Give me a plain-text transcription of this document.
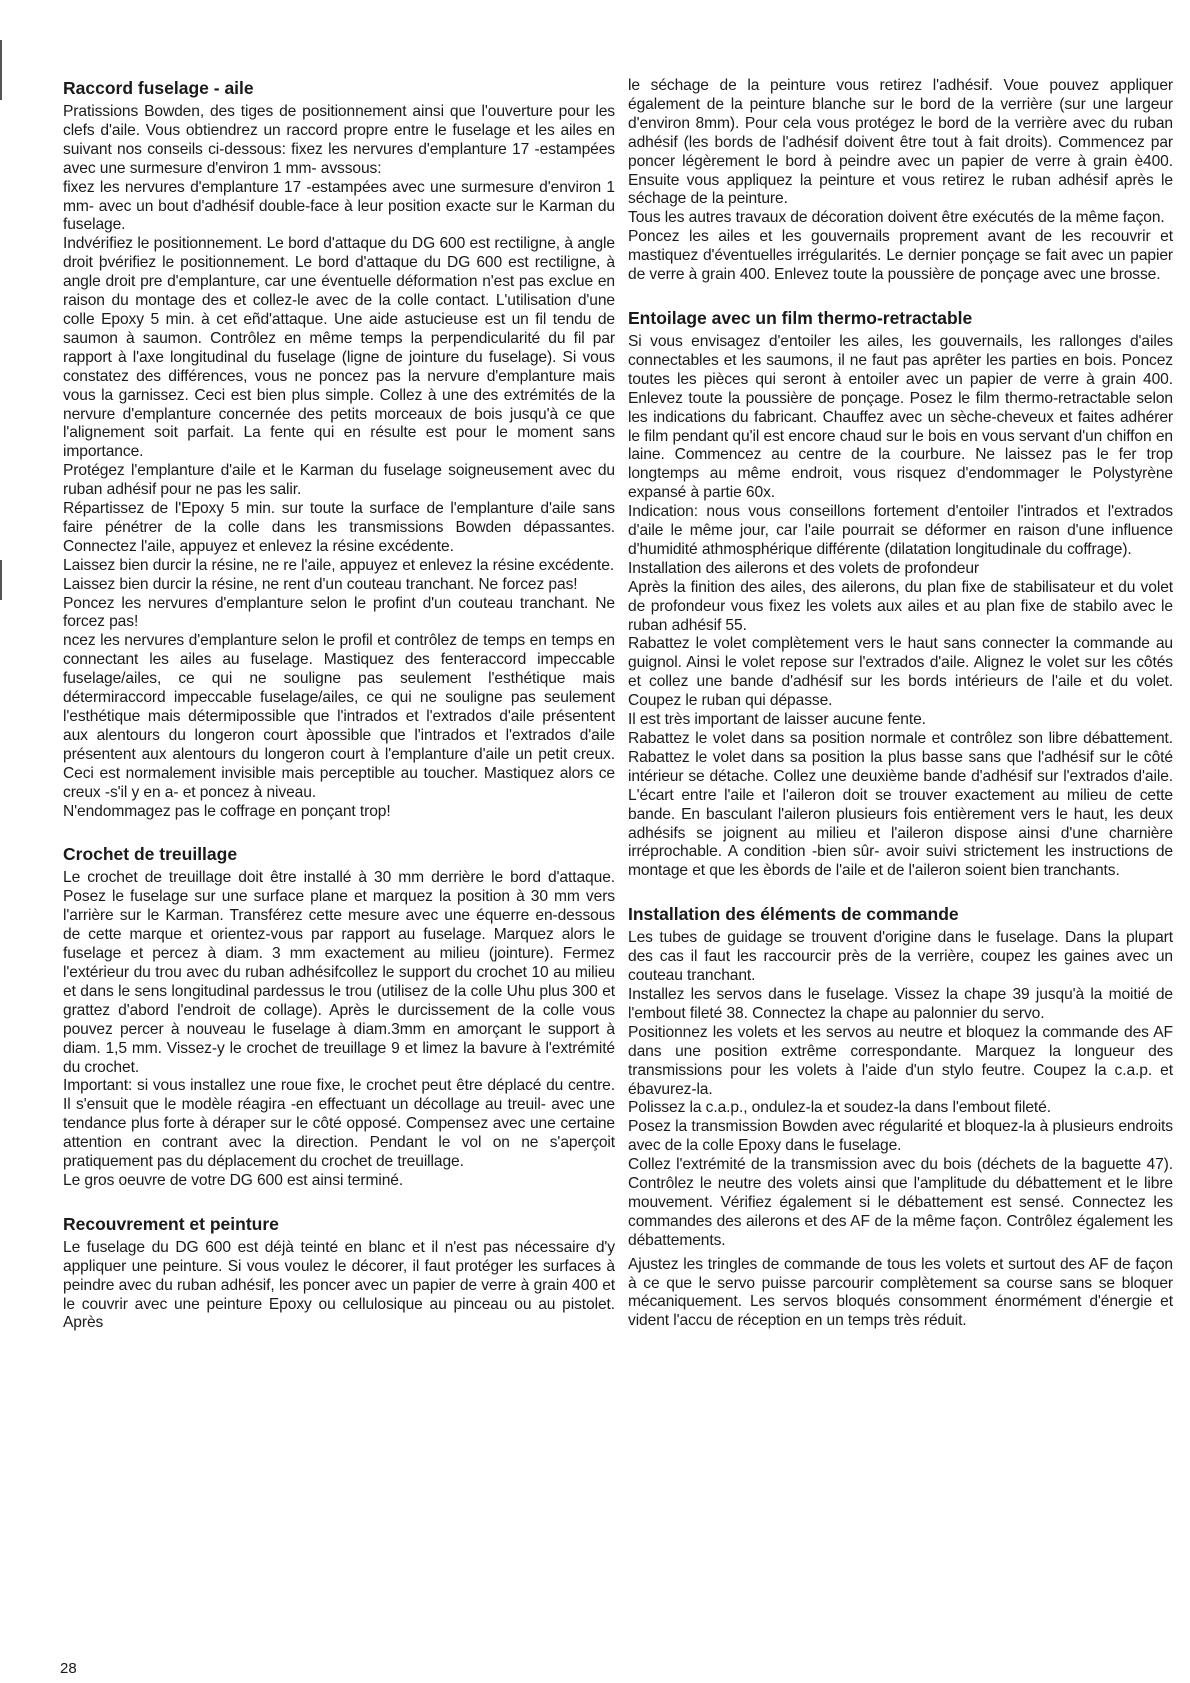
Raccord fuselage - aile

Pratissions Bowden, des tiges de positionnement ainsi que l'ouverture pour les clefs d'aile. Vous obtiendrez un raccord propre entre le fuselage et les ailes en suivant nos conseils ci-dessous: fixez les nervures d'emplanture 17 -estampées avec une surmesure d'environ 1 mm- avssous:

fixez les nervures d'emplanture 17 -estampées avec une surmesure d'environ 1 mm- avec un bout d'adhésif double-face à leur position exacte sur le Karman du fuselage.

Indvérifiez le positionnement. Le bord d'attaque du DG 600 est rectiligne, à angle droit þvérifiez le positionnement. Le bord d'attaque du DG 600 est rectiligne, à angle droit pre d'emplanture, car une éventuelle déformation n'est pas exclue en raison du montage des et collez-le avec de la colle contact. L'utilisation d'une colle Epoxy 5 min. à cet eñd'attaque. Une aide astucieuse est un fil tendu de saumon à saumon. Contrôlez en même temps la perpendicularité du fil par rapport à l'axe longitudinal du fuselage (ligne de jointure du fuselage). Si vous constatez des différences, vous ne poncez pas la nervure d'emplanture mais vous la garnissez. Ceci est bien plus simple. Collez à une des extrémités de la nervure d'emplanture concernée des petits morceaux de bois jusqu'à ce que l'alignement soit parfait. La fente qui en résulte est pour le moment sans importance.

Protégez l'emplanture d'aile et le Karman du fuselage soigneusement avec du ruban adhésif pour ne pas les salir.

Répartissez de l'Epoxy 5 min. sur toute la surface de l'emplanture d'aile sans faire pénétrer de la colle dans les transmissions Bowden dépassantes. Connectez l'aile, appuyez et enlevez la résine excédente.

Laissez bien durcir la résine, ne re l'aile, appuyez et enlevez la résine excédente.

Laissez bien durcir la résine, ne rent d'un couteau tranchant. Ne forcez pas!

Poncez les nervures d'emplanture selon le profint d'un couteau tranchant. Ne forcez pas!

ncez les nervures d'emplanture selon le profil et contrôlez de temps en temps en connectant les ailes au fuselage. Mastiquez des fenteraccord impeccable fuselage/ailes, ce qui ne souligne pas seulement l'esthétique mais détermiraccord impeccable fuselage/ailes, ce qui ne souligne pas seulement l'esthétique mais détermipossible que l'intrados et l'extrados d'aile présentent aux alentours du longeron court àpossible que l'intrados et l'extrados d'aile présentent aux alentours du longeron court à l'emplanture d'aile un petit creux. Ceci est normalement invisible mais perceptible au toucher. Mastiquez alors ce creux -s'il y en a- et poncez à niveau.

N'endommagez pas le coffrage en ponçant trop!

Crochet de treuillage

Le crochet de treuillage doit être installé à 30 mm derrière le bord d'attaque. Posez le fuselage sur une surface plane et marquez la position à 30 mm vers l'arrière sur le Karman. Transférez cette mesure avec une équerre en-dessous de cette marque et orientez-vous par rapport au fuselage. Marquez alors le fuselage et percez à diam. 3 mm exactement au milieu (jointure). Fermez l'extérieur du trou avec du ruban adhésifcollez le support du crochet 10 au milieu et dans le sens longitudinal pardessus le trou (utilisez de la colle Uhu plus 300 et grattez d'abord l'endroit de collage). Après le durcissement de la colle vous pouvez percer à nouveau le fuselage à diam.3mm en amorçant le support à diam. 1,5 mm. Vissez-y le crochet de treuillage 9 et limez la bavure à l'extrémité du crochet.

Important: si vous installez une roue fixe, le crochet peut être déplacé du centre. Il s'ensuit que le modèle réagira -en effectuant un décollage au treuil- avec une tendance plus forte à déraper sur le côté opposé. Compensez avec une certaine attention en contrant avec la direction. Pendant le vol on ne s'aperçoit pratiquement pas du déplacement du crochet de treuillage.

Le gros oeuvre de votre DG 600 est ainsi terminé.

Recouvrement et peinture

Le fuselage du DG 600 est déjà teinté en blanc et il n'est pas nécessaire d'y appliquer une peinture. Si vous voulez le décorer, il faut protéger les surfaces à peindre avec du ruban adhésif, les poncer avec un papier de verre à grain 400 et le couvrir avec une peinture Epoxy ou cellulosique au pinceau ou au pistolet. Après

le séchage de la peinture vous retirez l'adhésif. Voue pouvez appliquer également de la peinture blanche sur le bord de la verrière (sur une largeur d'environ 8mm). Pour cela vous protégez le bord de la verrière avec du ruban adhésif (les bords de l'adhésif doivent être tout à fait droits). Commencez par poncer légèrement le bord à peindre avec un papier de verre à grain è400. Ensuite vous appliquez la peinture et vous retirez le ruban adhésif après le séchage de la peinture.

Tous les autres travaux de décoration doivent être exécutés de la même façon.

Poncez les ailes et les gouvernails proprement avant de les recouvrir et mastiquez d'éventuelles irrégularités. Le dernier ponçage se fait avec un papier de verre à grain 400. Enlevez toute la poussière de ponçage avec une brosse.

Entoilage avec un film thermo-retractable

Si vous envisagez d'entoiler les ailes, les gouvernails, les rallonges d'ailes connectables et les saumons, il ne faut pas aprêter les parties en bois. Poncez toutes les pièces qui seront à entoiler avec un papier de verre à grain 400. Enlevez toute la poussière de ponçage. Posez le film thermo-retractable selon les indications du fabricant. Chauffez avec un sèche-cheveux et faites adhérer le film pendant qu'il est encore chaud sur le bois en vous servant d'un chiffon en laine. Commencez au centre de la courbure. Ne laissez pas le fer trop longtemps au même endroit, vous risquez d'endommager le Polystyrène expansé à partie 60x.

Indication: nous vous conseillons fortement d'entoiler l'intrados et l'extrados d'aile le même jour, car l'aile pourrait se déformer en raison d'une influence d'humidité athmosphérique différente (dilatation longitudinale du coffrage).

Installation des ailerons et des volets de profondeur

Après la finition des ailes, des ailerons, du plan fixe de stabilisateur et du volet de profondeur vous fixez les volets aux ailes et au plan fixe de stabilo avec le ruban adhésif 55.

Rabattez le volet complètement vers le haut sans connecter la commande au guignol. Ainsi le volet repose sur l'extrados d'aile. Alignez le volet sur les côtés et collez une bande d'adhésif sur les bords intérieurs de l'aile et du volet. Coupez le ruban qui dépasse.

Il est très important de laisser aucune fente.

Rabattez le volet dans sa position normale et contrôlez son libre débattement. Rabattez le volet dans sa position la plus basse sans que l'adhésif sur le côté intérieur se détache. Collez une deuxième bande d'adhésif sur l'extrados d'aile. L'écart entre l'aile et l'aileron doit se trouver exactement au milieu de cette bande. En basculant l'aileron plusieurs fois entièrement vers le haut, les deux adhésifs se joignent au milieu et l'aileron dispose ainsi d'une charnière irréprochable. A condition -bien sûr- avoir suivi strictement les instructions de montage et que les èbords de l'aile et de l'aileron soient bien tranchants.

Installation des éléments de commande

Les tubes de guidage se trouvent d'origine dans le fuselage. Dans la plupart des cas il faut les raccourcir près de la verrière, coupez les gaines avec un couteau tranchant.

Installez les servos dans le fuselage. Vissez la chape 39 jusqu'à la moitié de l'embout fileté 38. Connectez la chape au palonnier du servo.

Positionnez les volets et les servos au neutre et bloquez la commande des AF dans une position extrême correspondante. Marquez la longueur des transmissions pour les volets à l'aide d'un stylo feutre. Coupez la c.a.p. et ébavurez-la.

Polissez la c.a.p., ondulez-la et soudez-la dans l'embout fileté.

Posez la transmission Bowden avec régularité et bloquez-la à plusieurs endroits avec de la colle Epoxy dans le fuselage.

Collez l'extrémité de la transmission avec du bois (déchets de la baguette 47). Contrôlez le neutre des volets ainsi que l'amplitude du débattement et le libre mouvement. Vérifiez également si le débattement est sensé. Connectez les commandes des ailerons et des AF de la même façon. Contrôlez également les débattements.

Ajustez les tringles de commande de tous les volets et surtout des AF de façon à ce que le servo puisse parcourir complètement sa course sans se bloquer mécaniquement. Les servos bloqués consomment énormément d'énergie et vident l'accu de réception en un temps très réduit.

28
